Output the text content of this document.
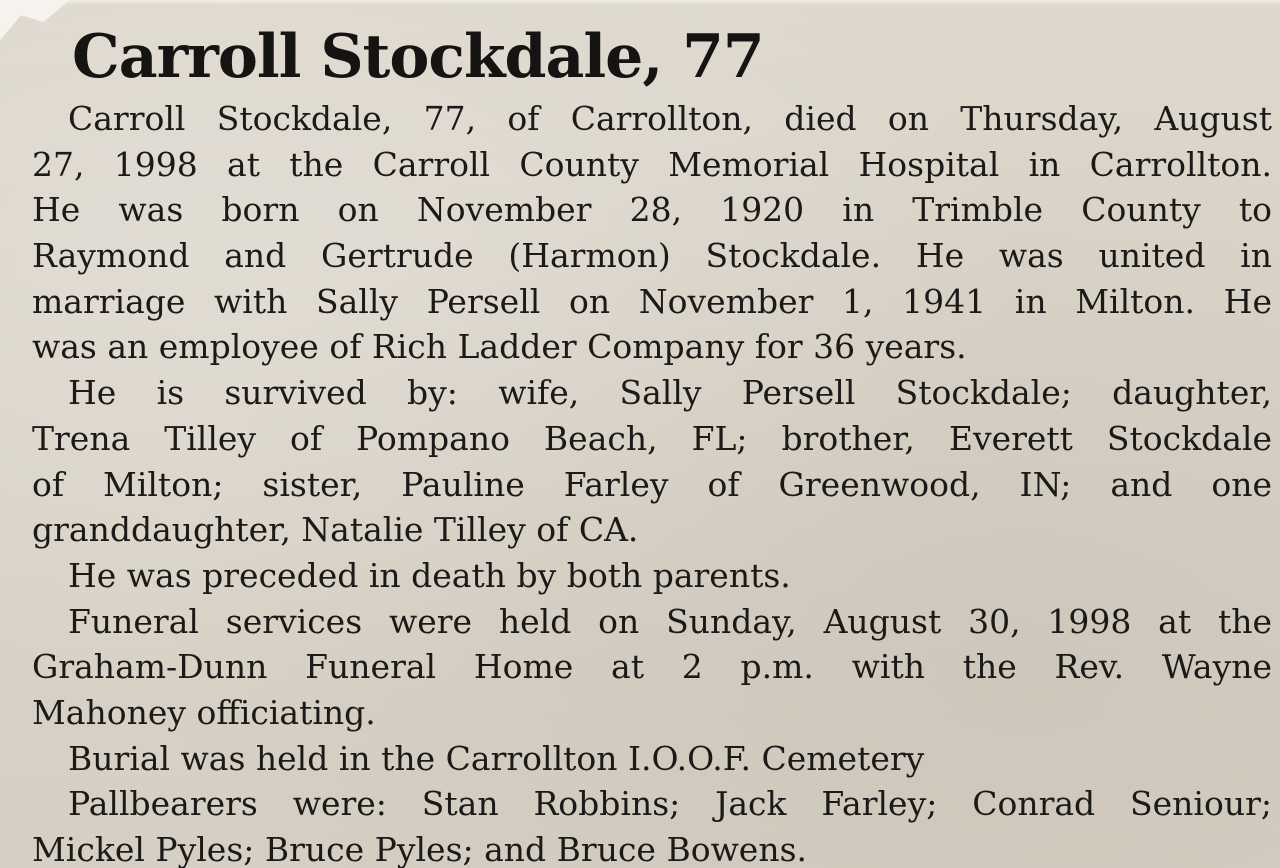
Carroll Stockdale, 77
Carroll Stockdale, 77, of Carrollton, died on Thursday, August
27, 1998 at the Carroll County Memorial Hospital in Carrollton.
He was born on November 28, 1920 in Trimble County to
Raymond and Gertrude (Harmon) Stockdale. He was united in
marriage with Sally Persell on November 1, 1941 in Milton. He
was an employee of Rich Ladder Company for 36 years.
He is survived by: wife, Sally Persell Stockdale; daughter,
Trena Tilley of Pompano Beach, FL; brother, Everett Stockdale
of Milton; sister, Pauline Farley of Greenwood, IN; and one
granddaughter, Natalie Tilley of CA.
He was preceded in death by both parents.
Funeral services were held on Sunday, August 30, 1998 at the
Graham-Dunn Funeral Home at 2 p.m. with the Rev. Wayne
Mahoney officiating.
Burial was held in the Carrollton I.O.O.F. Cemetery
Pallbearers were: Stan Robbins; Jack Farley; Conrad Seniour;
Mickel Pyles; Bruce Pyles; and Bruce Bowens.
